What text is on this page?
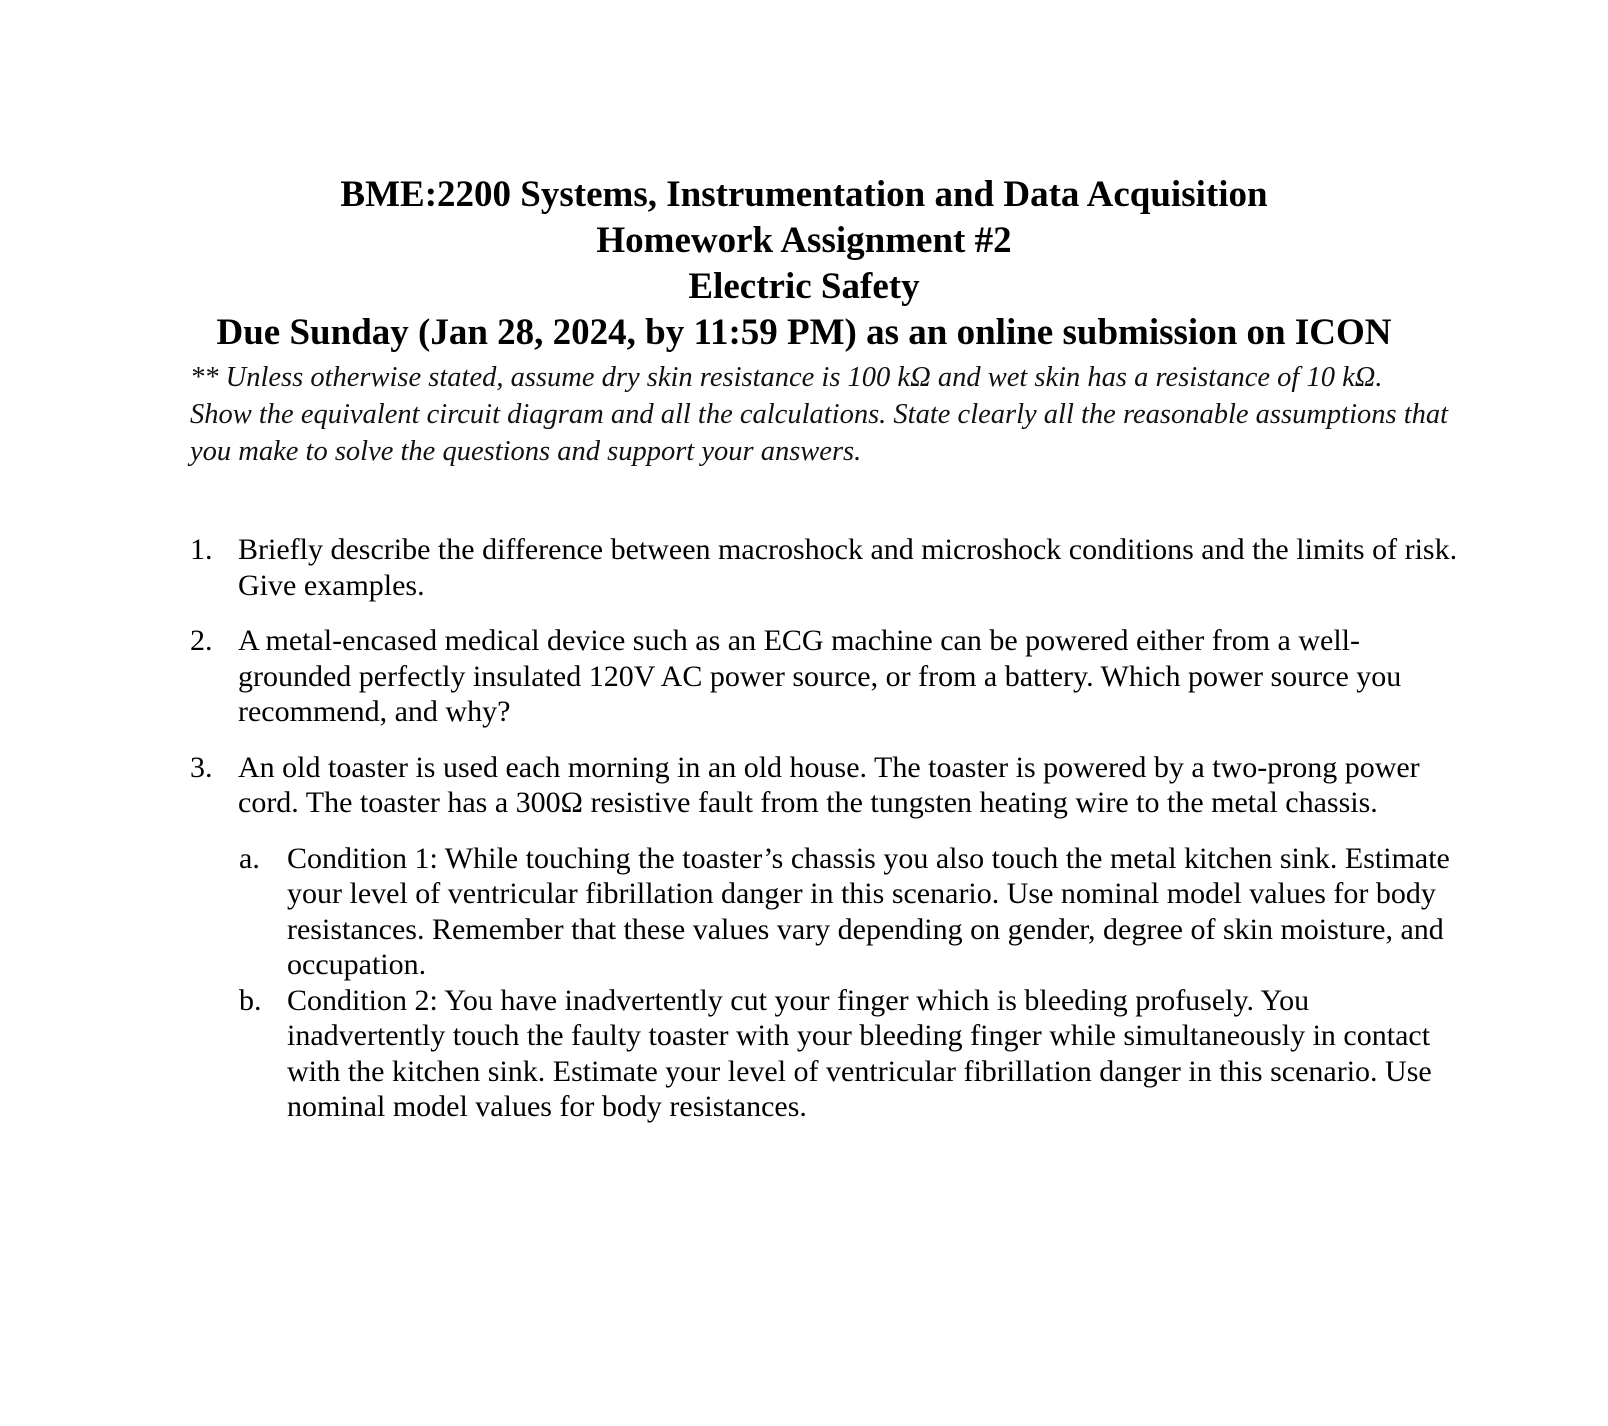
BME:2200 Systems, Instrumentation and Data Acquisition

Homework Assignment #2

Electric Safety

Due Sunday (Jan 28, 2024, by 11:59 PM) as an online submission on ICON

** Unless otherwise stated, assume dry skin resistance is 100 kΩ and wet skin has a resistance of 10 kΩ. Show the equivalent circuit diagram and all the calculations. State clearly all the reasonable assumptions that you make to solve the questions and support your answers.
1. Briefly describe the difference between macroshock and microshock conditions and the limits of risk. Give examples.
2. A metal-encased medical device such as an ECG machine can be powered either from a well-grounded perfectly insulated 120V AC power source, or from a battery. Which power source you recommend, and why?
3. An old toaster is used each morning in an old house. The toaster is powered by a two-prong power cord. The toaster has a 300Ω resistive fault from the tungsten heating wire to the metal chassis.
a. Condition 1: While touching the toaster’s chassis you also touch the metal kitchen sink. Estimate your level of ventricular fibrillation danger in this scenario. Use nominal model values for body resistances. Remember that these values vary depending on gender, degree of skin moisture, and occupation.
b. Condition 2: You have inadvertently cut your finger which is bleeding profusely. You inadvertently touch the faulty toaster with your bleeding finger while simultaneously in contact with the kitchen sink. Estimate your level of ventricular fibrillation danger in this scenario. Use nominal model values for body resistances.
